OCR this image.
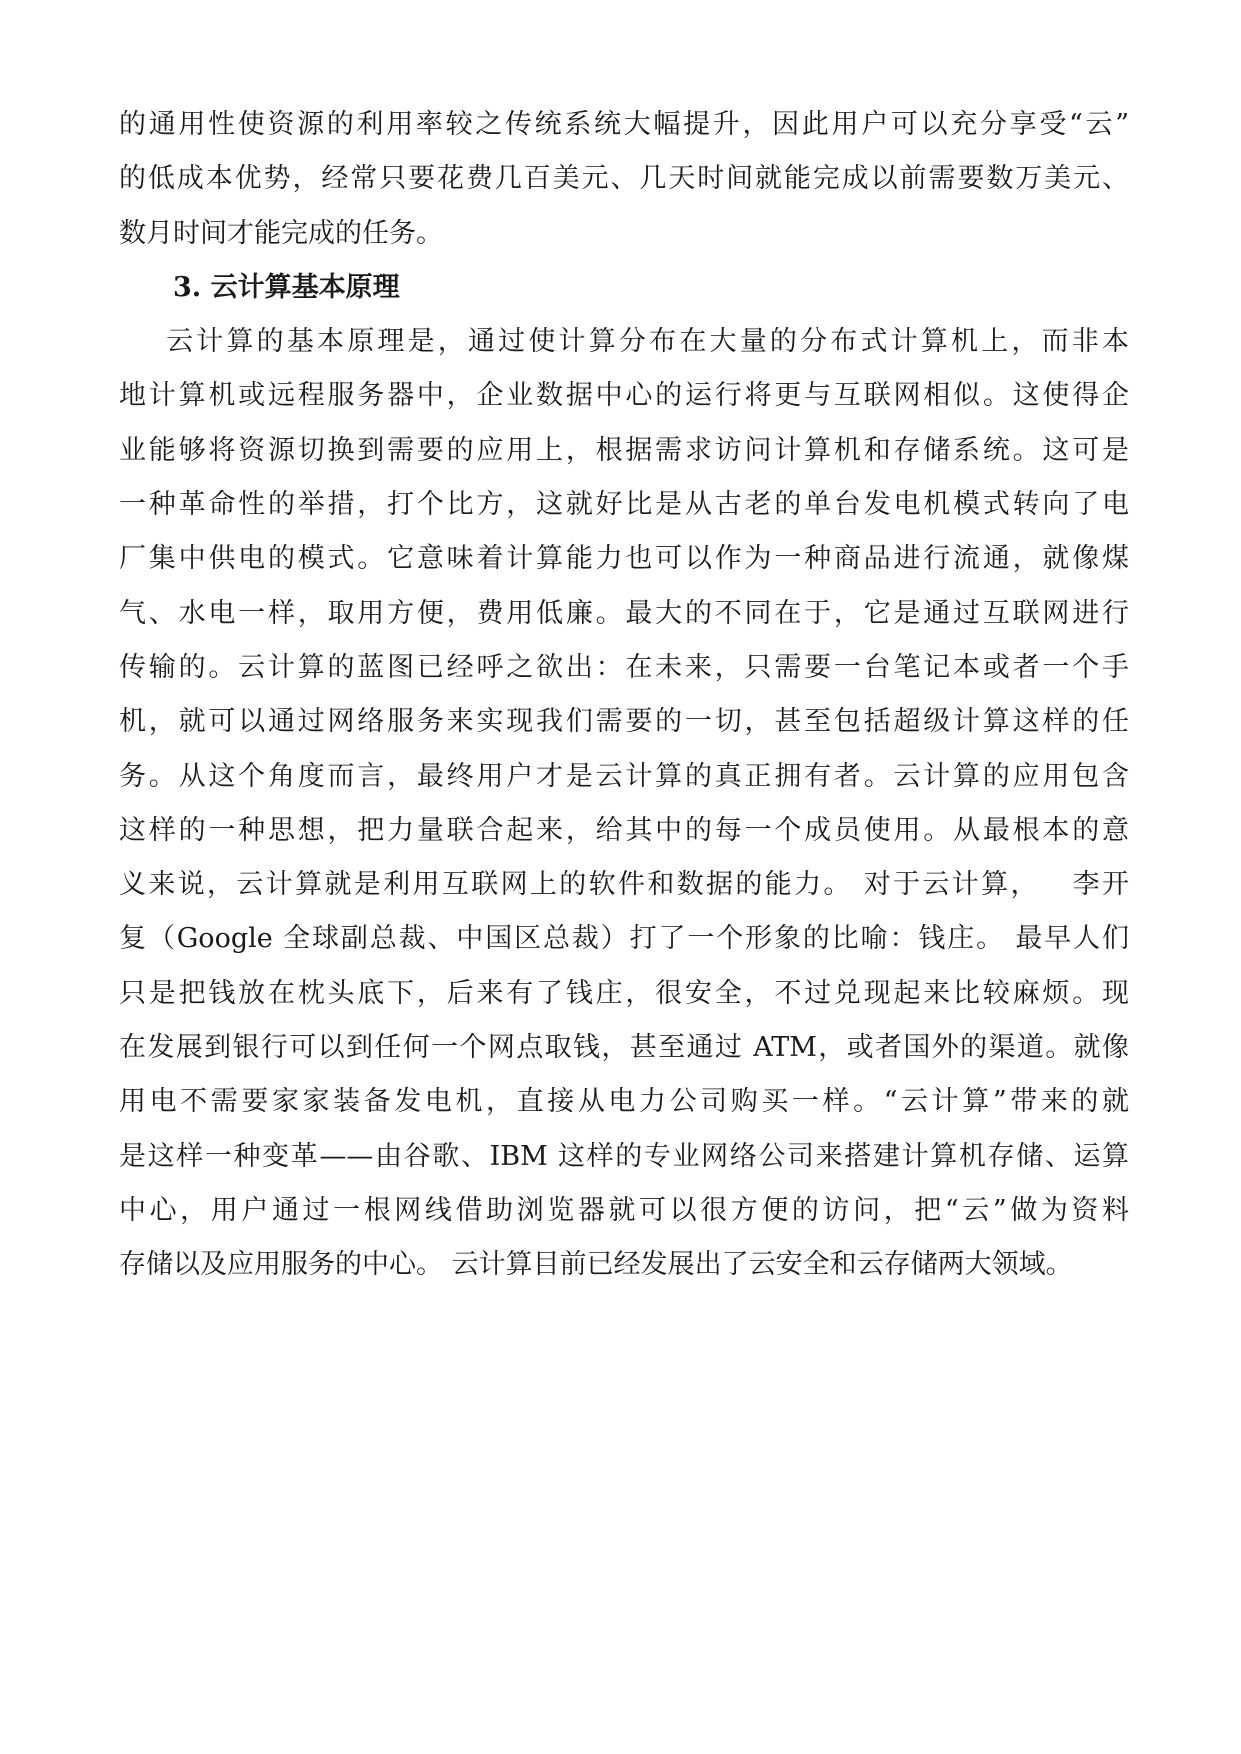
的通用性使资源的利用率较之传统系统大幅提升，因此用户可以充分享受“云”
的低成本优势，经常只要花费几百美元、几天时间就能完成以前需要数万美元、
数月时间才能完成的任务。
3. 云计算基本原理
云计算的基本原理是，通过使计算分布在大量的分布式计算机上，而非本
地计算机或远程服务器中，企业数据中心的运行将更与互联网相似。这使得企
业能够将资源切换到需要的应用上，根据需求访问计算机和存储系统。这可是
一种革命性的举措，打个比方，这就好比是从古老的单台发电机模式转向了电
厂集中供电的模式。它意味着计算能力也可以作为一种商品进行流通，就像煤
气、水电一样，取用方便，费用低廉。最大的不同在于，它是通过互联网进行
传输的。云计算的蓝图已经呼之欲出：在未来，只需要一台笔记本或者一个手
机，就可以通过网络服务来实现我们需要的一切，甚至包括超级计算这样的任
务。从这个角度而言，最终用户才是云计算的真正拥有者。云计算的应用包含
这样的一种思想，把力量联合起来，给其中的每一个成员使用。从最根本的意
义来说，云计算就是利用互联网上的软件和数据的能力。 对于云计算，   李开
复（Google 全球副总裁、中国区总裁）打了一个形象的比喻：钱庄。 最早人们
只是把钱放在枕头底下，后来有了钱庄，很安全，不过兑现起来比较麻烦。现
在发展到银行可以到任何一个网点取钱，甚至通过 ATM，或者国外的渠道。就像
用电不需要家家装备发电机，直接从电力公司购买一样。“云计算”带来的就
是这样一种变革——由谷歌、IBM 这样的专业网络公司来搭建计算机存储、运算
中心，用户通过一根网线借助浏览器就可以很方便的访问，把“云”做为资料
存储以及应用服务的中心。 云计算目前已经发展出了云安全和云存储两大领域。
